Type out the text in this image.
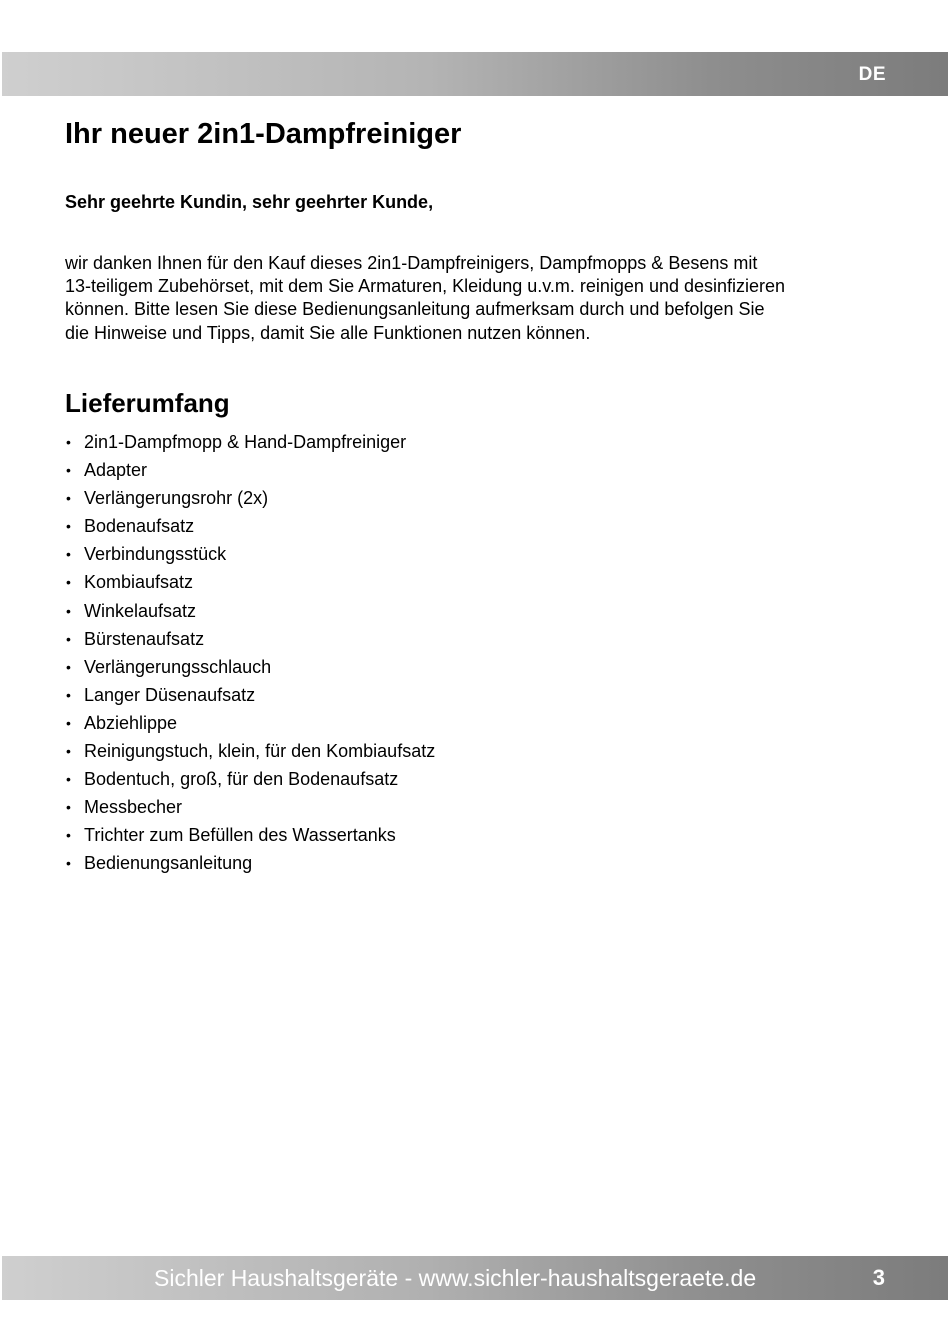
DE
Ihr neuer 2in1-Dampfreiniger

Sehr geehrte Kundin, sehr geehrter Kunde,

wir danken Ihnen für den Kauf dieses 2in1-Dampfreinigers, Dampfmopps & Besens mit
13-teiligem Zubehörset, mit dem Sie Armaturen, Kleidung u.v.m. reinigen und desinfizieren
können. Bitte lesen Sie diese Bedienungsanleitung aufmerksam durch und befolgen Sie
die Hinweise und Tipps, damit Sie alle Funktionen nutzen können.

Lieferumfang
• 2in1-Dampfmopp & Hand-Dampfreiniger
• Adapter
• Verlängerungsrohr (2x)
• Bodenaufsatz
• Verbindungsstück
• Kombiaufsatz
• Winkelaufsatz
• Bürstenaufsatz
• Verlängerungsschlauch
• Langer Düsenaufsatz
• Abziehlippe
• Reinigungstuch, klein, für den Kombiaufsatz
• Bodentuch, groß, für den Bodenaufsatz
• Messbecher
• Trichter zum Befüllen des Wassertanks
• Bedienungsanleitung
Sichler Haushaltsgeräte - www.sichler-haushaltsgeraete.de	3
